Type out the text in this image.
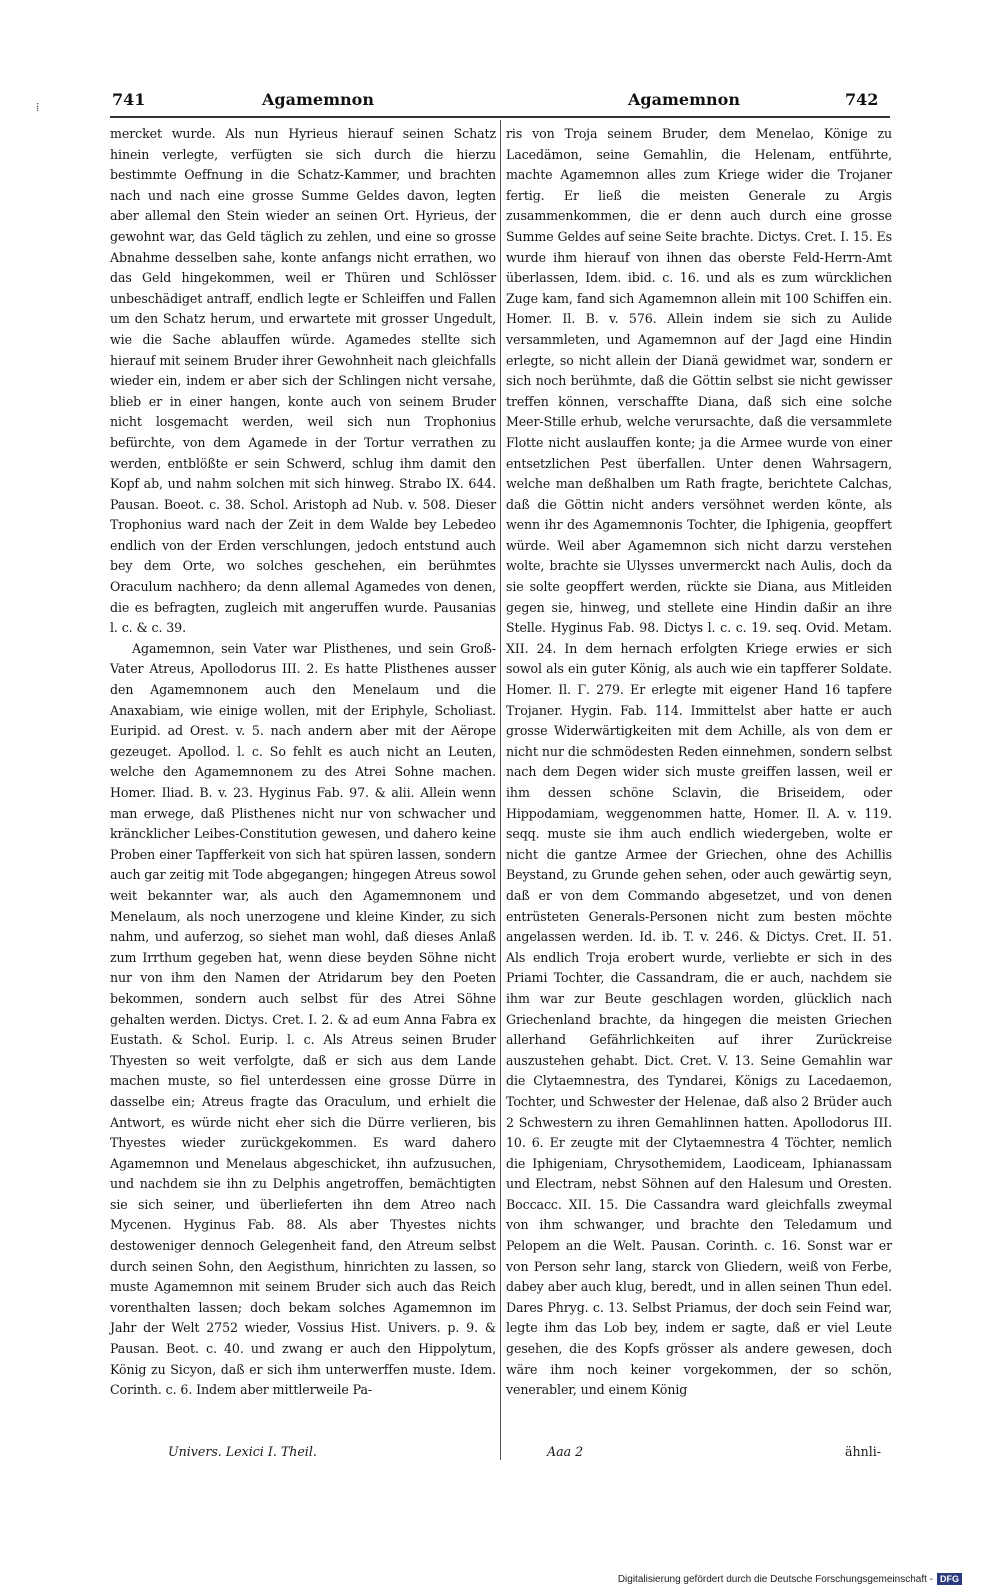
741	Agamemnon	Agamemnon	742
⁞

mercket wurde. Als nun Hyrieus hierauf seinen Schatz hinein verlegte, verfügten sie sich durch die hierzu bestimmte Oeffnung in die Schatz-Kammer, und brachten nach und nach eine grosse Summe Geldes davon, legten aber allemal den Stein wieder an seinen Ort. Hyrieus, der gewohnt war, das Geld täglich zu zehlen, und eine so grosse Abnahme desselben sahe, konte anfangs nicht errathen, wo das Geld hingekommen, weil er Thüren und Schlösser unbeschädiget antraff, endlich legte er Schleiffen und Fallen um den Schatz herum, und erwartete mit grosser Ungedult, wie die Sache ablauffen würde. Agamedes stellte sich hierauf mit seinem Bruder ihrer Gewohnheit nach gleichfalls wieder ein, indem er aber sich der Schlingen nicht versahe, blieb er in einer hangen, konte auch von seinem Bruder nicht losgemacht werden, weil sich nun Trophonius befürchte, von dem Agamede in der Tortur verrathen zu werden, entblößte er sein Schwerd, schlug ihm damit den Kopf ab, und nahm solchen mit sich hinweg. Strabo IX. 644. Pausan. Boeot. c. 38. Schol. Aristoph ad Nub. v. 508. Dieser Trophonius ward nach der Zeit in dem Walde bey Lebedeo endlich von der Erden verschlungen, jedoch entstund auch bey dem Orte, wo solches geschehen, ein berühmtes Oraculum nachhero; da denn allemal Agamedes von denen, die es befragten, zugleich mit angeruffen wurde. Pausanias l. c. & c. 39.

Agamemnon, sein Vater war Plisthenes, und sein Groß-Vater Atreus, Apollodorus III. 2. Es hatte Plisthenes ausser den Agamemnonem auch den Menelaum und die Anaxabiam, wie einige wollen, mit der Eriphyle, Scholiast. Euripid. ad Orest. v. 5. nach andern aber mit der Aërope gezeuget. Apollod. l. c. So fehlt es auch nicht an Leuten, welche den Agamemnonem zu des Atrei Sohne machen. Homer. Iliad. B. v. 23. Hyginus Fab. 97. & alii. Allein wenn man erwege, daß Plisthenes nicht nur von schwacher und kräncklicher Leibes-Constitution gewesen, und dahero keine Proben einer Tapfferkeit von sich hat spüren lassen, sondern auch gar zeitig mit Tode abgegangen; hingegen Atreus sowol weit bekannter war, als auch den Agamemnonem und Menelaum, als noch unerzogene und kleine Kinder, zu sich nahm, und auferzog, so siehet man wohl, daß dieses Anlaß zum Irrthum gegeben hat, wenn diese beyden Söhne nicht nur von ihm den Namen der Atridarum bey den Poeten bekommen, sondern auch selbst für des Atrei Söhne gehalten werden. Dictys. Cret. I. 2. & ad eum Anna Fabra ex Eustath. & Schol. Eurip. l. c. Als Atreus seinen Bruder Thyesten so weit verfolgte, daß er sich aus dem Lande machen muste, so fiel unterdessen eine grosse Dürre in dasselbe ein; Atreus fragte das Oraculum, und erhielt die Antwort, es würde nicht eher sich die Dürre verlieren, bis Thyestes wieder zurückgekommen. Es ward dahero Agamemnon und Menelaus abgeschicket, ihn aufzusuchen, und nachdem sie ihn zu Delphis angetroffen, bemächtigten sie sich seiner, und überlieferten ihn dem Atreo nach Mycenen. Hyginus Fab. 88. Als aber Thyestes nichts destoweniger dennoch Gelegenheit fand, den Atreum selbst durch seinen Sohn, den Aegisthum, hinrichten zu lassen, so muste Agamemnon mit seinem Bruder sich auch das Reich vorenthalten lassen; doch bekam solches Agamemnon im Jahr der Welt 2752 wieder, Vossius Hist. Univers. p. 9. & Pausan. Beot. c. 40. und zwang er auch den Hippolytum, König zu Sicyon, daß er sich ihm unterwerffen muste. Idem. Corinth. c. 6. Indem aber mittlerweile Pa-

ris von Troja seinem Bruder, dem Menelao, Könige zu Lacedämon, seine Gemahlin, die Helenam, entführte, machte Agamemnon alles zum Kriege wider die Trojaner fertig. Er ließ die meisten Generale zu Argis zusammenkommen, die er denn auch durch eine grosse Summe Geldes auf seine Seite brachte. Dictys. Cret. I. 15. Es wurde ihm hierauf von ihnen das oberste Feld-Herrn-Amt überlassen, Idem. ibid. c. 16. und als es zum würcklichen Zuge kam, fand sich Agamemnon allein mit 100 Schiffen ein. Homer. Il. B. v. 576. Allein indem sie sich zu Aulide versammleten, und Agamemnon auf der Jagd eine Hindin erlegte, so nicht allein der Dianä gewidmet war, sondern er sich noch berühmte, daß die Göttin selbst sie nicht gewisser treffen können, verschaffte Diana, daß sich eine solche Meer-Stille erhub, welche verursachte, daß die versammlete Flotte nicht auslauffen konte; ja die Armee wurde von einer entsetzlichen Pest überfallen. Unter denen Wahrsagern, welche man deßhalben um Rath fragte, berichtete Calchas, daß die Göttin nicht anders versöhnet werden könte, als wenn ihr des Agamemnonis Tochter, die Iphigenia, geopffert würde. Weil aber Agamemnon sich nicht darzu verstehen wolte, brachte sie Ulysses unvermerckt nach Aulis, doch da sie solte geopffert werden, rückte sie Diana, aus Mitleiden gegen sie, hinweg, und stellete eine Hindin daßir an ihre Stelle. Hyginus Fab. 98. Dictys l. c. c. 19. seq. Ovid. Metam. XII. 24. In dem hernach erfolgten Kriege erwies er sich sowol als ein guter König, als auch wie ein tapfferer Soldate. Homer. Il. Γ. 279. Er erlegte mit eigener Hand 16 tapfere Trojaner. Hygin. Fab. 114. Immittelst aber hatte er auch grosse Widerwärtigkeiten mit dem Achille, als von dem er nicht nur die schmödesten Reden einnehmen, sondern selbst nach dem Degen wider sich muste greiffen lassen, weil er ihm dessen schöne Sclavin, die Briseidem, oder Hippodamiam, weggenommen hatte, Homer. Il. A. v. 119. seqq. muste sie ihm auch endlich wiedergeben, wolte er nicht die gantze Armee der Griechen, ohne des Achillis Beystand, zu Grunde gehen sehen, oder auch gewärtig seyn, daß er von dem Commando abgesetzet, und von denen entrüsteten Generals-Personen nicht zum besten möchte angelassen werden. Id. ib. T. v. 246. & Dictys. Cret. II. 51. Als endlich Troja erobert wurde, verliebte er sich in des Priami Tochter, die Cassandram, die er auch, nachdem sie ihm war zur Beute geschlagen worden, glücklich nach Griechenland brachte, da hingegen die meisten Griechen allerhand Gefährlichkeiten auf ihrer Zurückreise auszustehen gehabt. Dict. Cret. V. 13. Seine Gemahlin war die Clytaemnestra, des Tyndarei, Königs zu Lacedaemon, Tochter, und Schwester der Helenae, daß also 2 Brüder auch 2 Schwestern zu ihren Gemahlinnen hatten. Apollodorus III. 10. 6. Er zeugte mit der Clytaemnestra 4 Töchter, nemlich die Iphigeniam, Chrysothemidem, Laodiceam, Iphianassam und Electram, nebst Söhnen auf den Halesum und Oresten. Boccacc. XII. 15. Die Cassandra ward gleichfalls zweymal von ihm schwanger, und brachte den Teledamum und Pelopem an die Welt. Pausan. Corinth. c. 16. Sonst war er von Person sehr lang, starck von Gliedern, weiß von Ferbe, dabey aber auch klug, beredt, und in allen seinen Thun edel. Dares Phryg. c. 13. Selbst Priamus, der doch sein Feind war, legte ihm das Lob bey, indem er sagte, daß er viel Leute gesehen, die des Kopfs grösser als andere gewesen, doch wäre ihm noch keiner vorgekommen, der so schön, venerabler, und einem König

Univers. Lexici I. Theil.	Aaa 2	ähnli-
Digitalisierung gefördert durch die Deutsche Forschungsgemeinschaft - DFG
